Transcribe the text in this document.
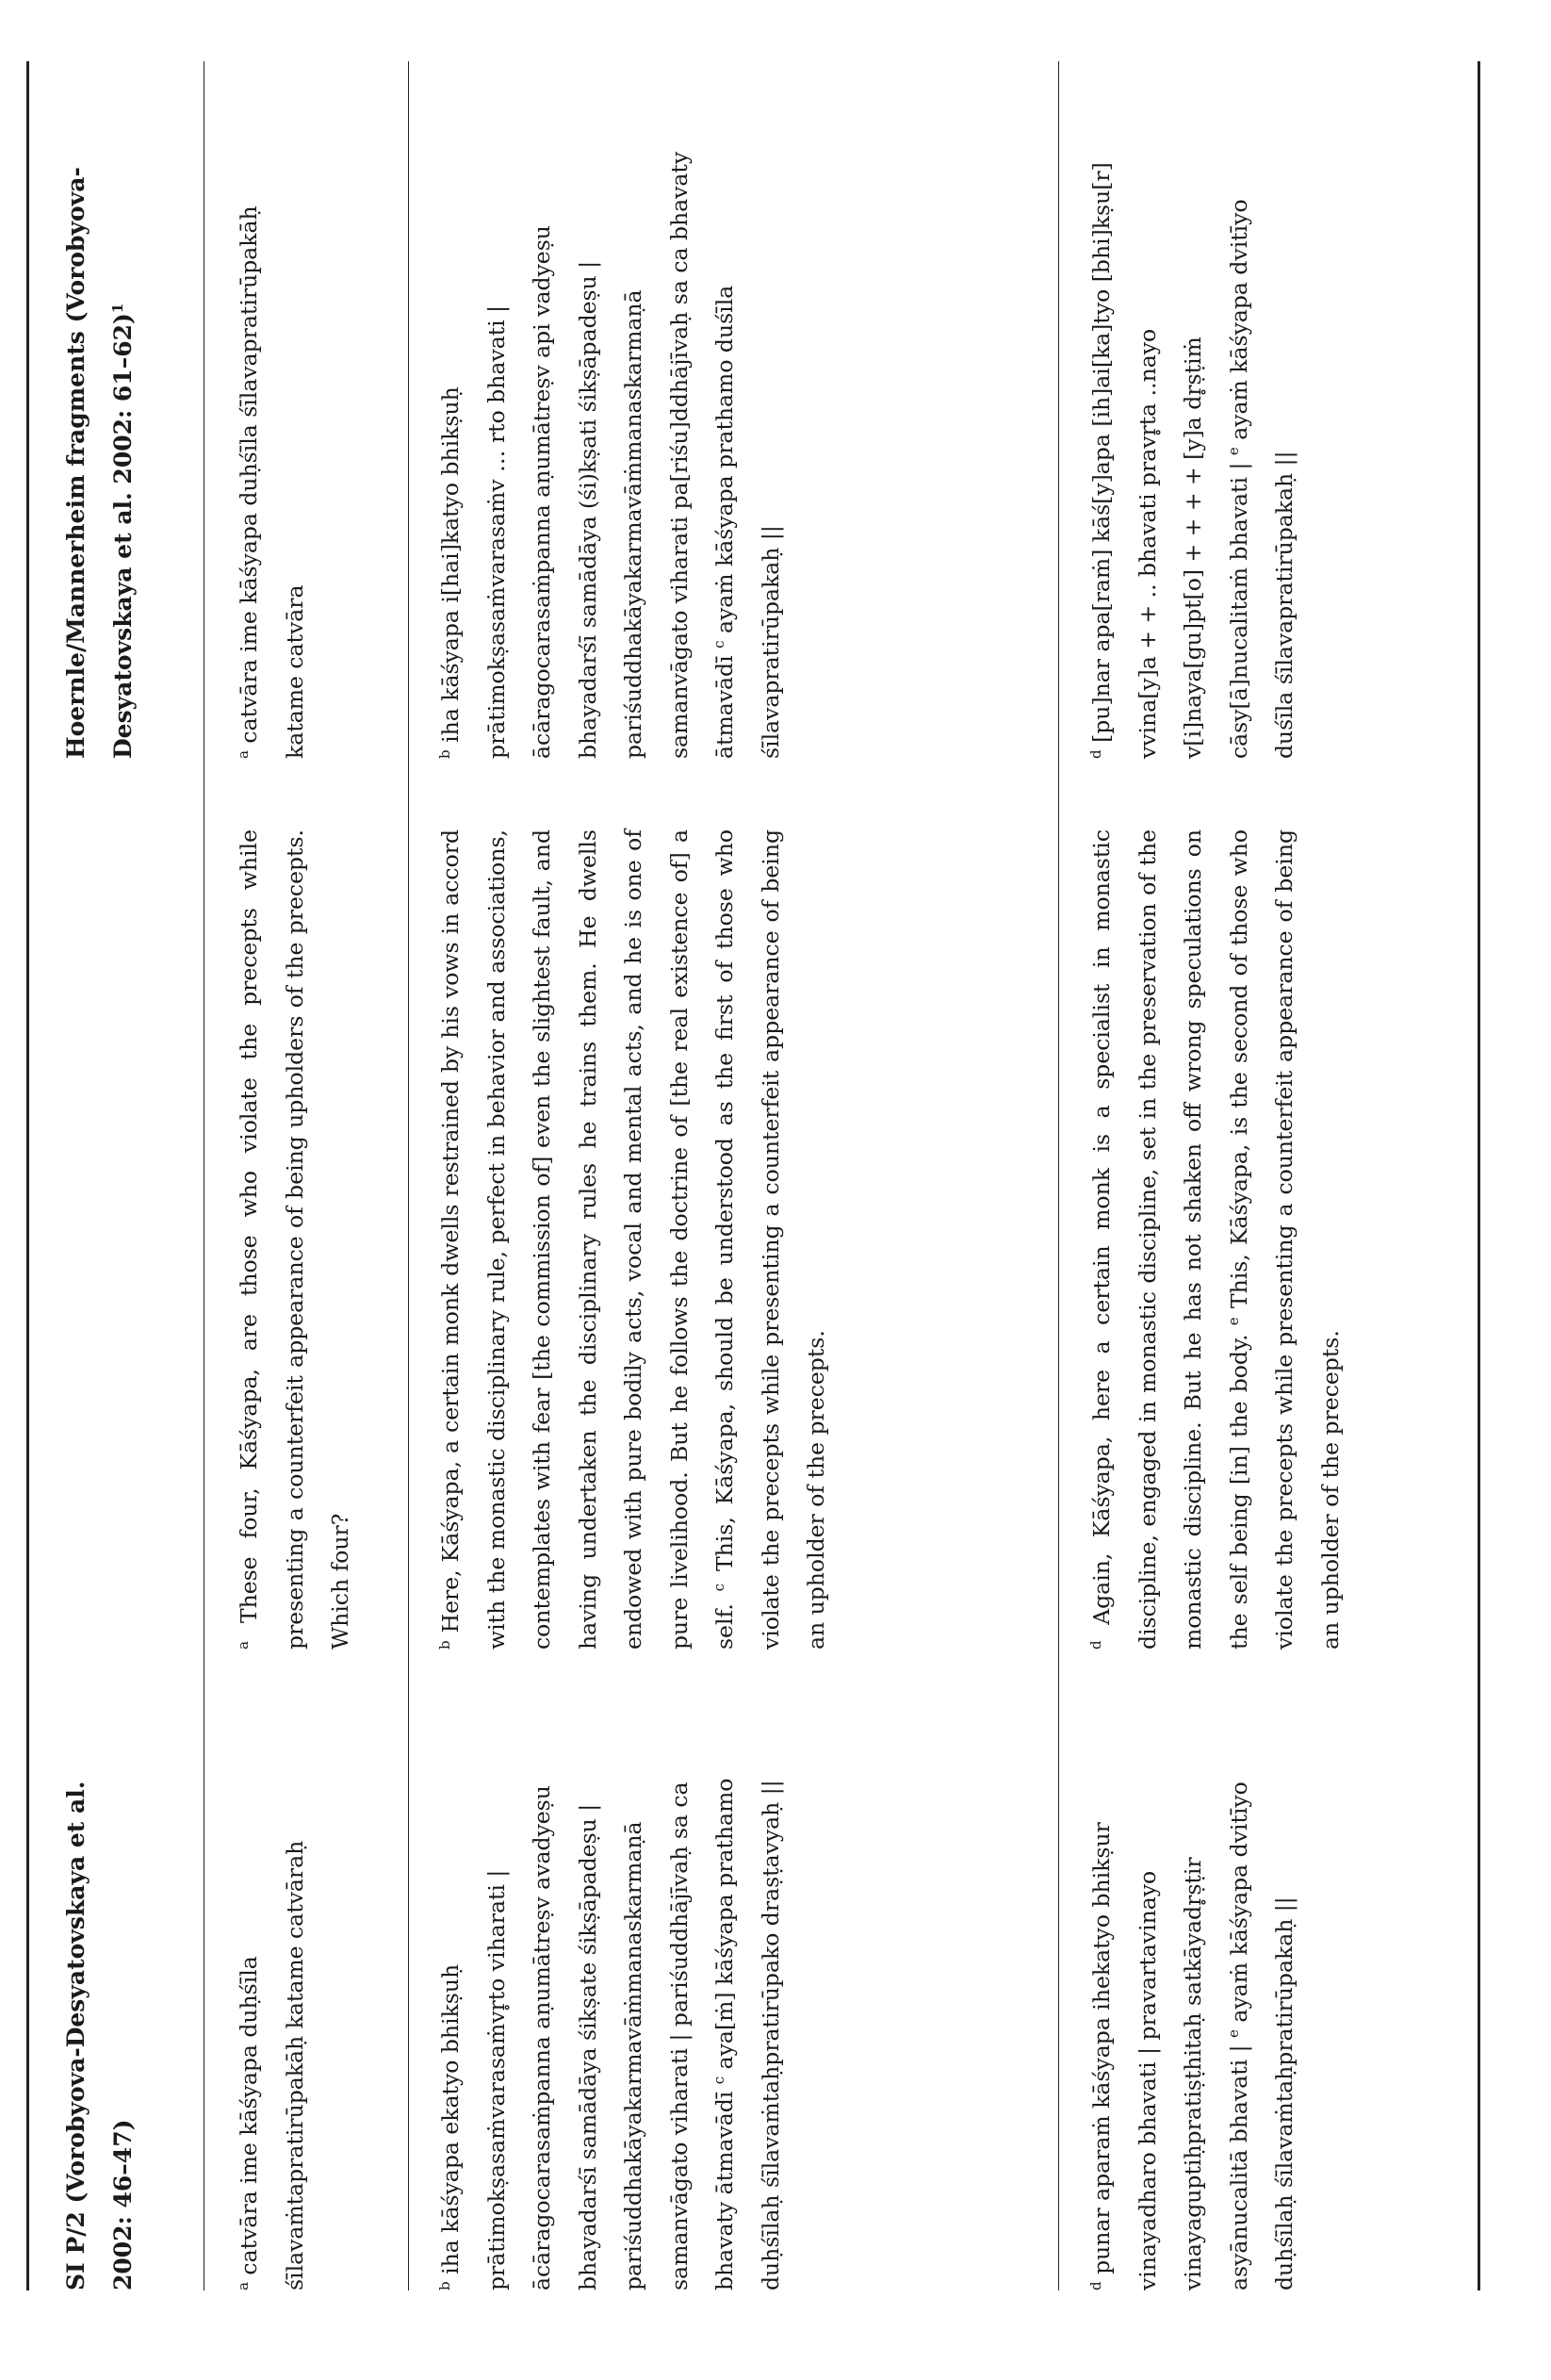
SI P/2 (Vorobyova-Desyatovskaya et al. 2002: 46–47)
Hoernle/Mannerheim fragments (Vorobyova-Desyatovskaya et al. 2002: 61–62)$^1$

$^a$ catvāra ime kāśyapa duḥśīla śīlavaṁtapratirūpakāḥ katame catvāraḥ

$^a$ These four, Kāśyapa, are those who violate the precepts while presenting a counterfeit appearance of being upholders of the precepts. Which four?

$^a$ catvāra ime kāśyapa duḥśīla śīlavapratirūpakāḥ katame catvāra

$^b$ iha kāśyapa ekatyo bhikṣuḥ prātimokṣasaṁvarasaṁvr̥to viharati | ācāragocarasaṁpanna aṇumātreṣv avadyeṣu bhayadarśī samādāya śikṣate śikṣāpadeṣu | pariśuddhakāyakarmavāṁmanaskarmaṇā samanvāgato viharati | pariśuddhājīvaḥ sa ca bhavaty ātmavādī $^c$ aya[ṁ] kāśyapa prathamo duḥśīlaḥ śīlavaṁtaḥpratirūpako draṣṭavyaḥ ||

$^b$ Here, Kāśyapa, a certain monk dwells restrained by his vows in accord with the monastic disciplinary rule, perfect in behavior and associations, contemplates with fear [the commission of] even the slightest fault, and having undertaken the disciplinary rules he trains them. He dwells endowed with pure bodily acts, vocal and mental acts, and he is one of pure livelihood. But he follows the doctrine of [the real existence of] a self. $^c$ This, Kāśyapa, should be understood as the first of those who violate the precepts while presenting a counterfeit appearance of being an upholder of the precepts.

$^b$ iha kāśyapa i[hai]katyo bhikṣuḥ prātimokṣasaṁvarasaṁv … rto bhavati | ācāragocarasaṁpanna aṇumātreṣv api vadyeṣu bhayadarśī samādāya (śi)kṣati śikṣāpadeṣu | pariśuddhakāyakarmavāṁmanaskarmaṇā samanvāgato viharati pa[riśu]ddhājīvaḥ sa ca bhavaty ātmavādī $^c$ ayaṁ kāśyapa prathamo duśīla śīlavapratirūpakaḥ ||

$^d$ punar aparaṁ kāśyapa ihekatyo bhikṣur vinayadharo bhavati | pravartavinayo vinayaguptiḥpratiṣṭhitaḥ satkāyadr̥ṣṭir asyānucalitā bhavati | $^e$ ayaṁ kāśyapa dvitīyo duḥśīlaḥ śīlavaṁtaḥpratirūpakaḥ ||

$^d$ Again, Kāśyapa, here a certain monk is a specialist in monastic discipline, engaged in monastic discipline, set in the preservation of the monastic discipline. But he has not shaken off wrong speculations on the self being [in] the body. $^e$ This, Kāśyapa, is the second of those who violate the precepts while presenting a counterfeit appearance of being an upholder of the precepts.

$^d$ [pu]nar apa[raṁ] kāś[y]apa [ih]ai[ka]tyo [bhi]kṣu[r] vvina[y]a + + .. bhavati pravr̥ta ..nayo v[i]naya[gu]pt[o] + + + + [y]a dr̥ṣṭiṁ cāsy[ā]nucalitaṁ bhavati | $^e$ ayaṁ kāśyapa dvitīyo duśīla śīlavapratirūpakaḥ ||
